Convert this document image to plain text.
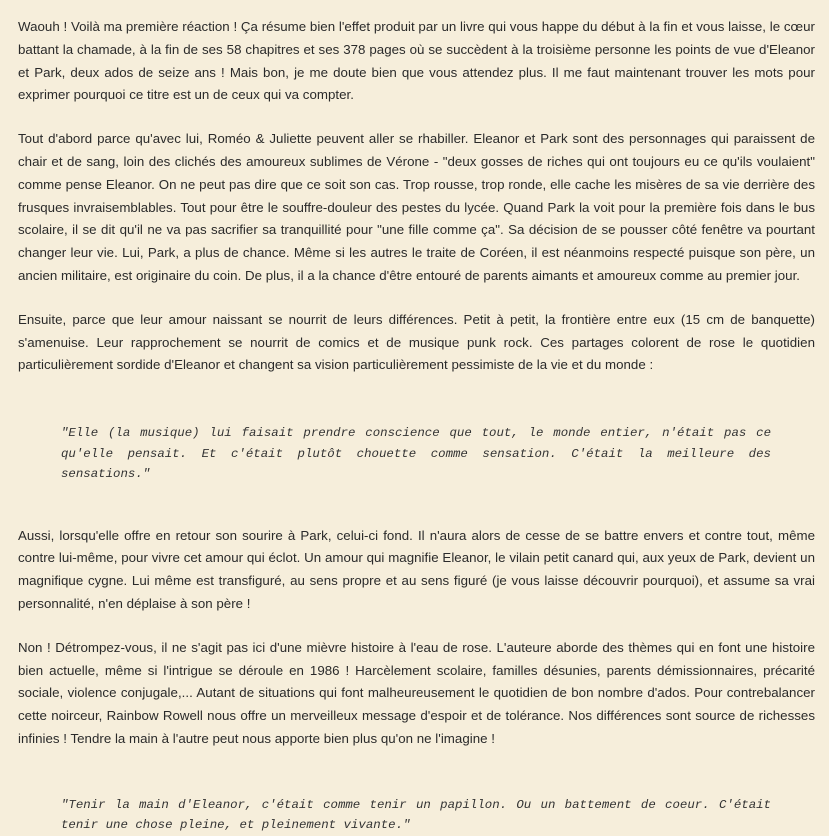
Waouh ! Voilà ma première réaction ! Ça résume bien l'effet produit par un livre qui vous happe du début à la fin et vous laisse, le cœur battant la chamade, à la fin de ses 58 chapitres et ses 378 pages où se succèdent à la troisième personne les points de vue d'Eleanor et Park, deux ados de seize ans ! Mais bon, je me doute bien que vous attendez plus. Il me faut maintenant trouver les mots pour exprimer pourquoi ce titre est un de ceux qui va compter.

Tout d'abord parce qu'avec lui, Roméo & Juliette peuvent aller se rhabiller. Eleanor et Park sont des personnages qui paraissent de chair et de sang, loin des clichés des amoureux sublimes de Vérone - "deux gosses de riches qui ont toujours eu ce qu'ils voulaient" comme pense Eleanor. On ne peut pas dire que ce soit son cas. Trop rousse, trop ronde, elle cache les misères de sa vie derrière des frusques invraisemblables. Tout pour être le souffre-douleur des pestes du lycée. Quand Park la voit pour la première fois dans le bus scolaire, il se dit qu'il ne va pas sacrifier sa tranquillité pour "une fille comme ça". Sa décision de se pousser côté fenêtre va pourtant changer leur vie. Lui, Park, a plus de chance. Même si les autres le traite de Coréen, il est néanmoins respecté puisque son père, un ancien militaire, est originaire du coin. De plus, il a la chance d'être entouré de parents aimants et amoureux comme au premier jour.

Ensuite, parce que leur amour naissant se nourrit de leurs différences. Petit à petit, la frontière entre eux (15 cm de banquette) s'amenuise. Leur rapprochement se nourrit de comics et de musique punk rock. Ces partages colorent de rose le quotidien particulièrement sordide d'Eleanor et changent sa vision particulièrement pessimiste de la vie et du monde :

"Elle (la musique) lui faisait prendre conscience que tout, le monde entier, n'était pas ce qu'elle pensait. Et c'était plutôt chouette comme sensation. C'était la meilleure des sensations."

Aussi, lorsqu'elle offre en retour son sourire à Park, celui-ci fond. Il n'aura alors de cesse de se battre envers et contre tout, même contre lui-même, pour vivre cet amour qui éclot. Un amour qui magnifie Eleanor, le vilain petit canard qui, aux yeux de Park, devient un magnifique cygne. Lui même est transfiguré, au sens propre et au sens figuré (je vous laisse découvrir pourquoi), et assume sa vrai personnalité, n'en déplaise à son père !

Non ! Détrompez-vous, il ne s'agit pas ici d'une mièvre histoire à l'eau de rose. L'auteure aborde des thèmes qui en font une histoire bien actuelle, même si l'intrigue se déroule en 1986 ! Harcèlement scolaire, familles désunies, parents démissionnaires, précarité sociale, violence conjugale,... Autant de situations qui font malheureusement le quotidien de bon nombre d'ados. Pour contrebalancer cette noirceur, Rainbow Rowell nous offre un merveilleux message d'espoir et de tolérance. Nos différences sont source de richesses infinies ! Tendre la main à l'autre peut nous apporte bien plus qu'on ne l'imagine !

"Tenir la main d'Eleanor, c'était comme tenir un papillon. Ou un battement de coeur. C'était tenir une chose pleine, et pleinement vivante."
